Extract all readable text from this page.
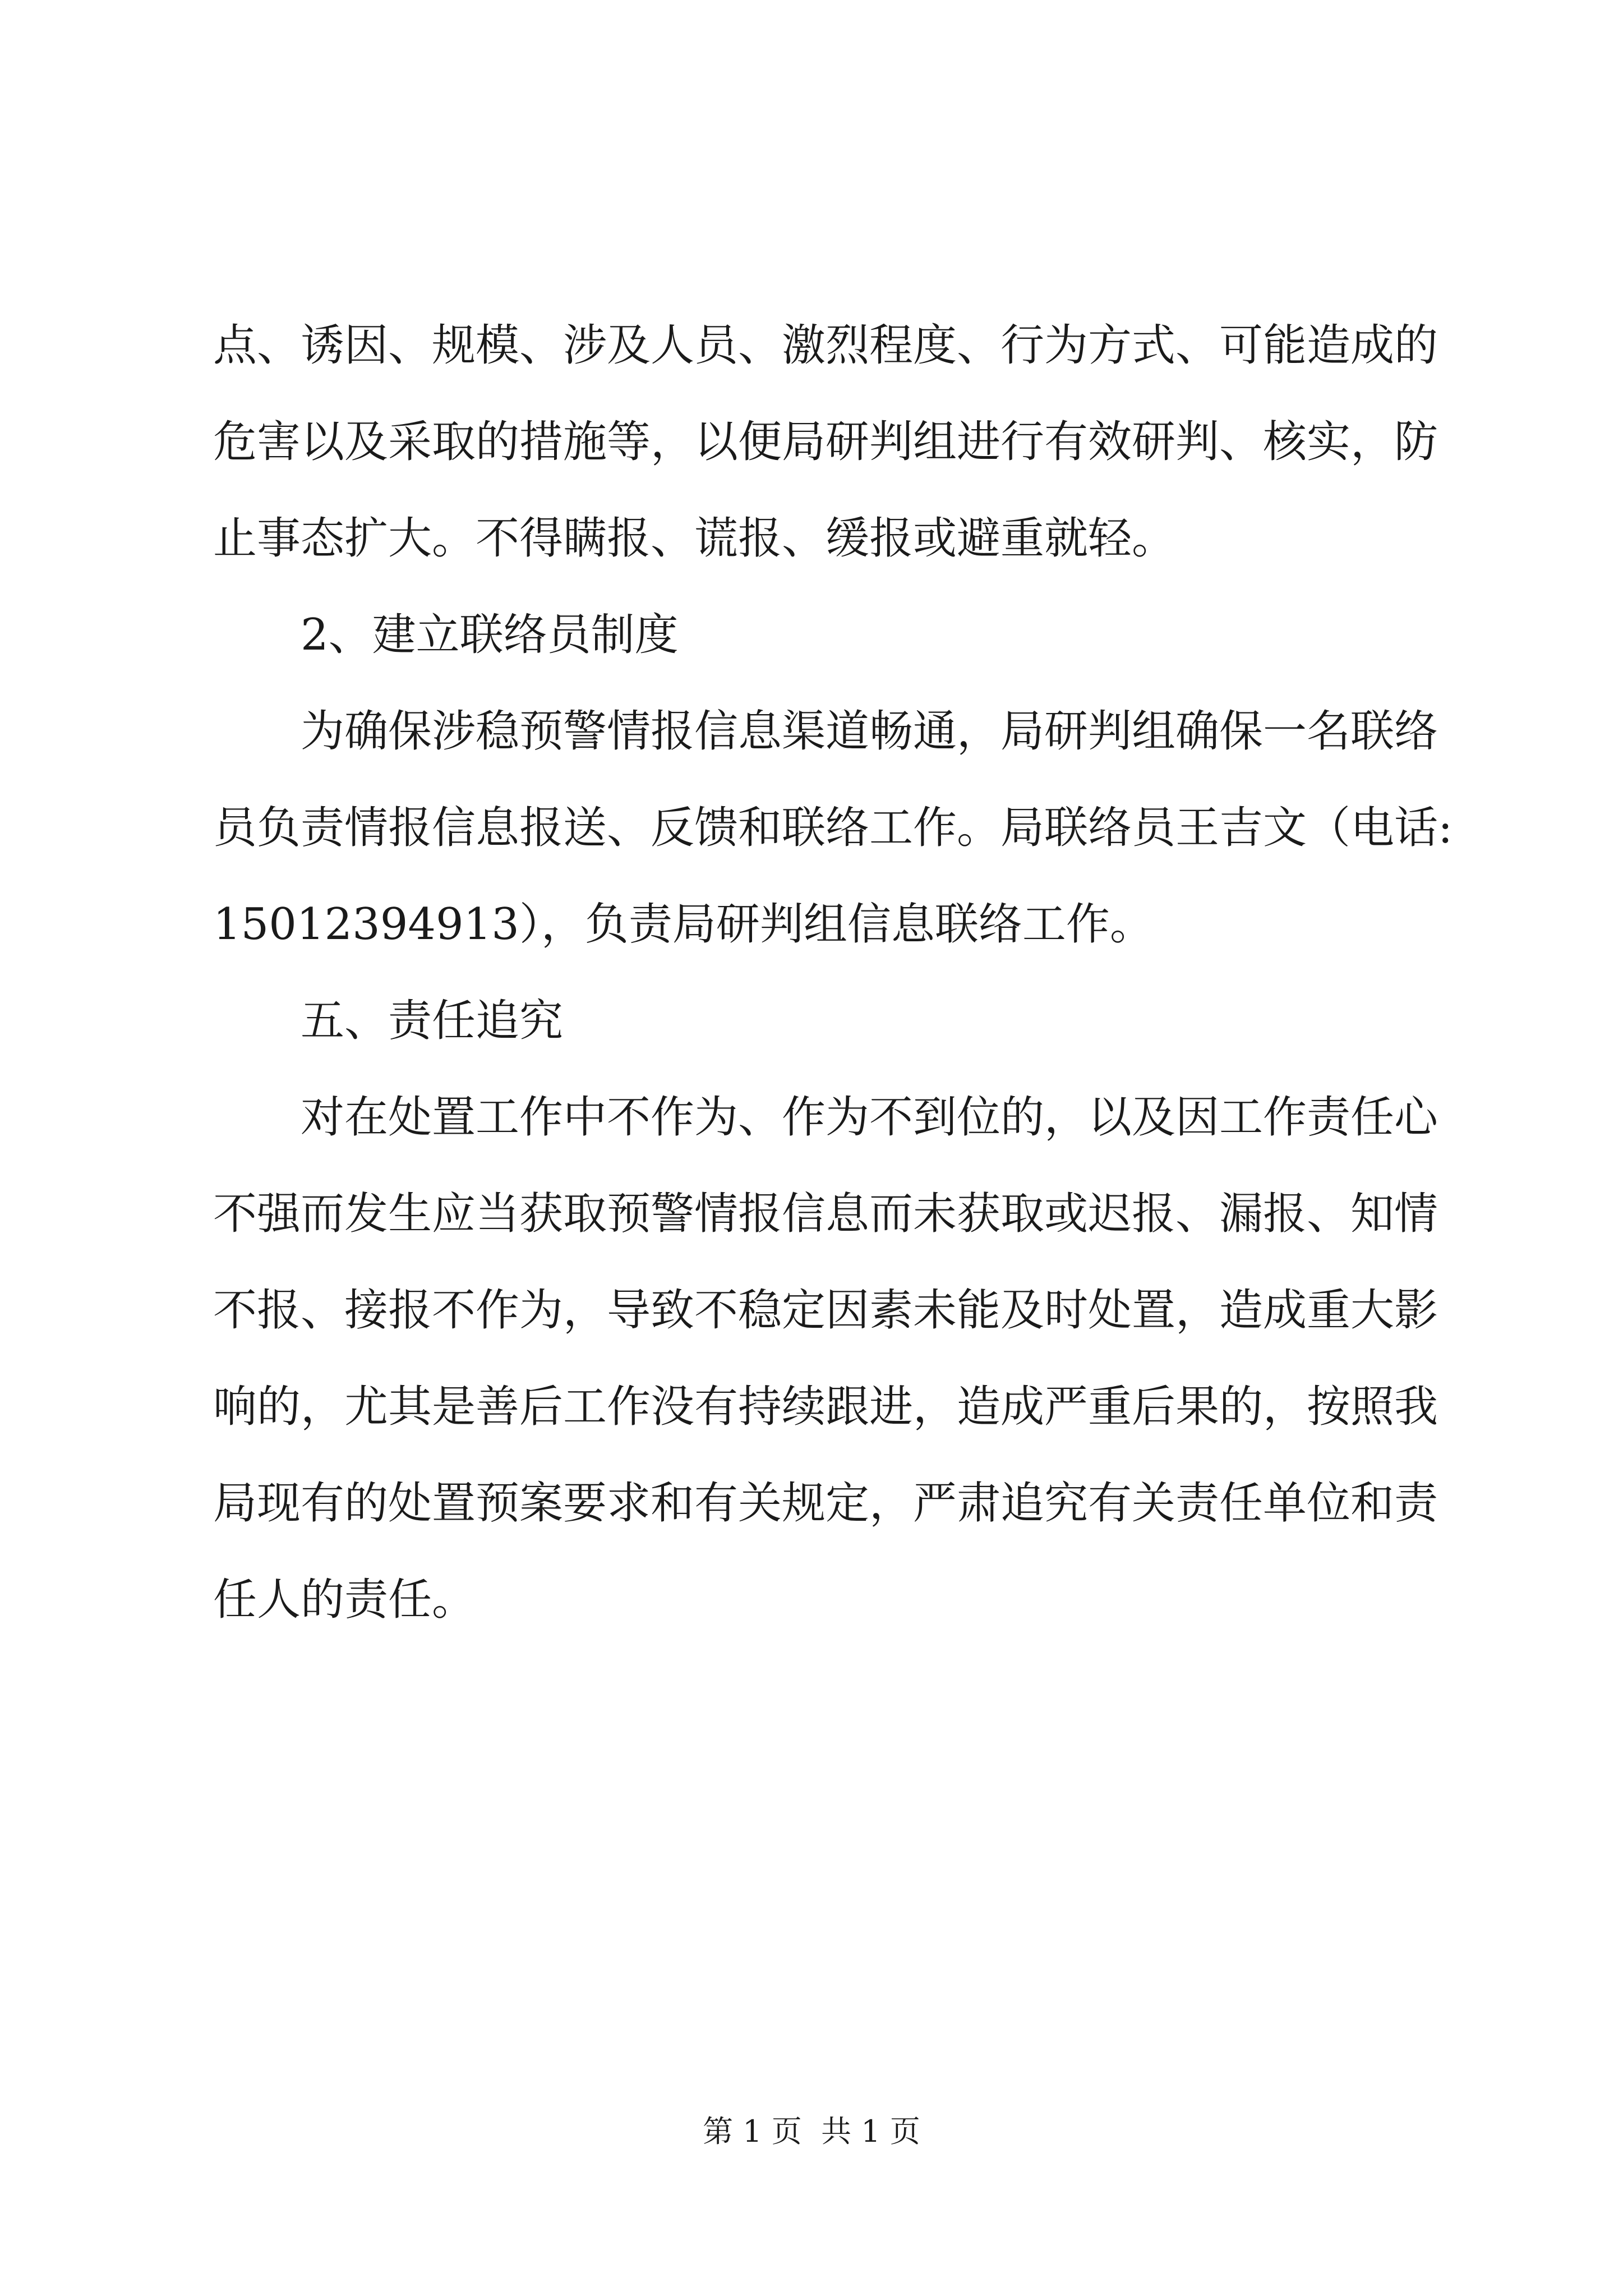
点、诱因、规模、涉及人员、激烈程度、行为方式、可能造成的
危害以及采取的措施等，以便局研判组进行有效研判、核实，防
止事态扩大。不得瞒报、谎报、缓报或避重就轻。
2、建立联络员制度
为确保涉稳预警情报信息渠道畅通，局研判组确保一名联络
员负责情报信息报送、反馈和联络工作。局联络员王吉文（电话:
15012394913），负责局研判组信息联络工作。
五、责任追究
对在处置工作中不作为、作为不到位的，以及因工作责任心
不强而发生应当获取预警情报信息而未获取或迟报、漏报、知情
不报、接报不作为，导致不稳定因素未能及时处置，造成重大影
响的，尤其是善后工作没有持续跟进，造成严重后果的，按照我
局现有的处置预案要求和有关规定，严肃追究有关责任单位和责
任人的责任。
第 1 页  共 1 页
